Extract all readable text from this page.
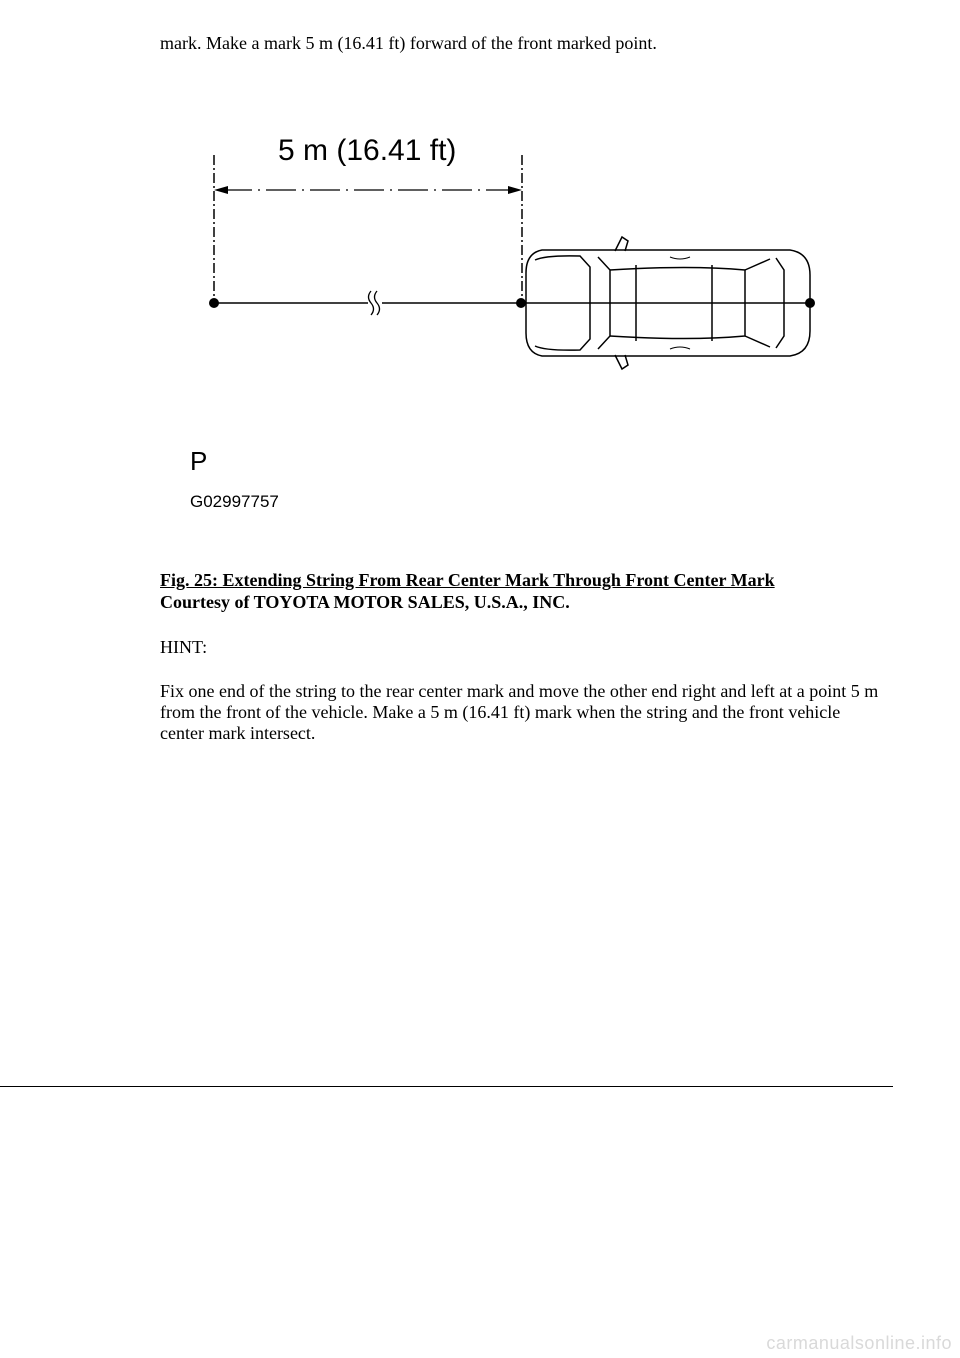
mark. Make a mark 5 m (16.41 ft) forward of the front marked point.

5 m (16.41 ft)
P
G02997757
Fig. 25: Extending String From Rear Center Mark Through Front Center Mark
Courtesy of TOYOTA MOTOR SALES, U.S.A., INC.

HINT:

Fix one end of the string to the rear center mark and move the other end right and left at a point 5 m from the front of the vehicle. Make a 5 m (16.41 ft) mark when the string and the front vehicle center mark intersect.

carmanualsonline.info
